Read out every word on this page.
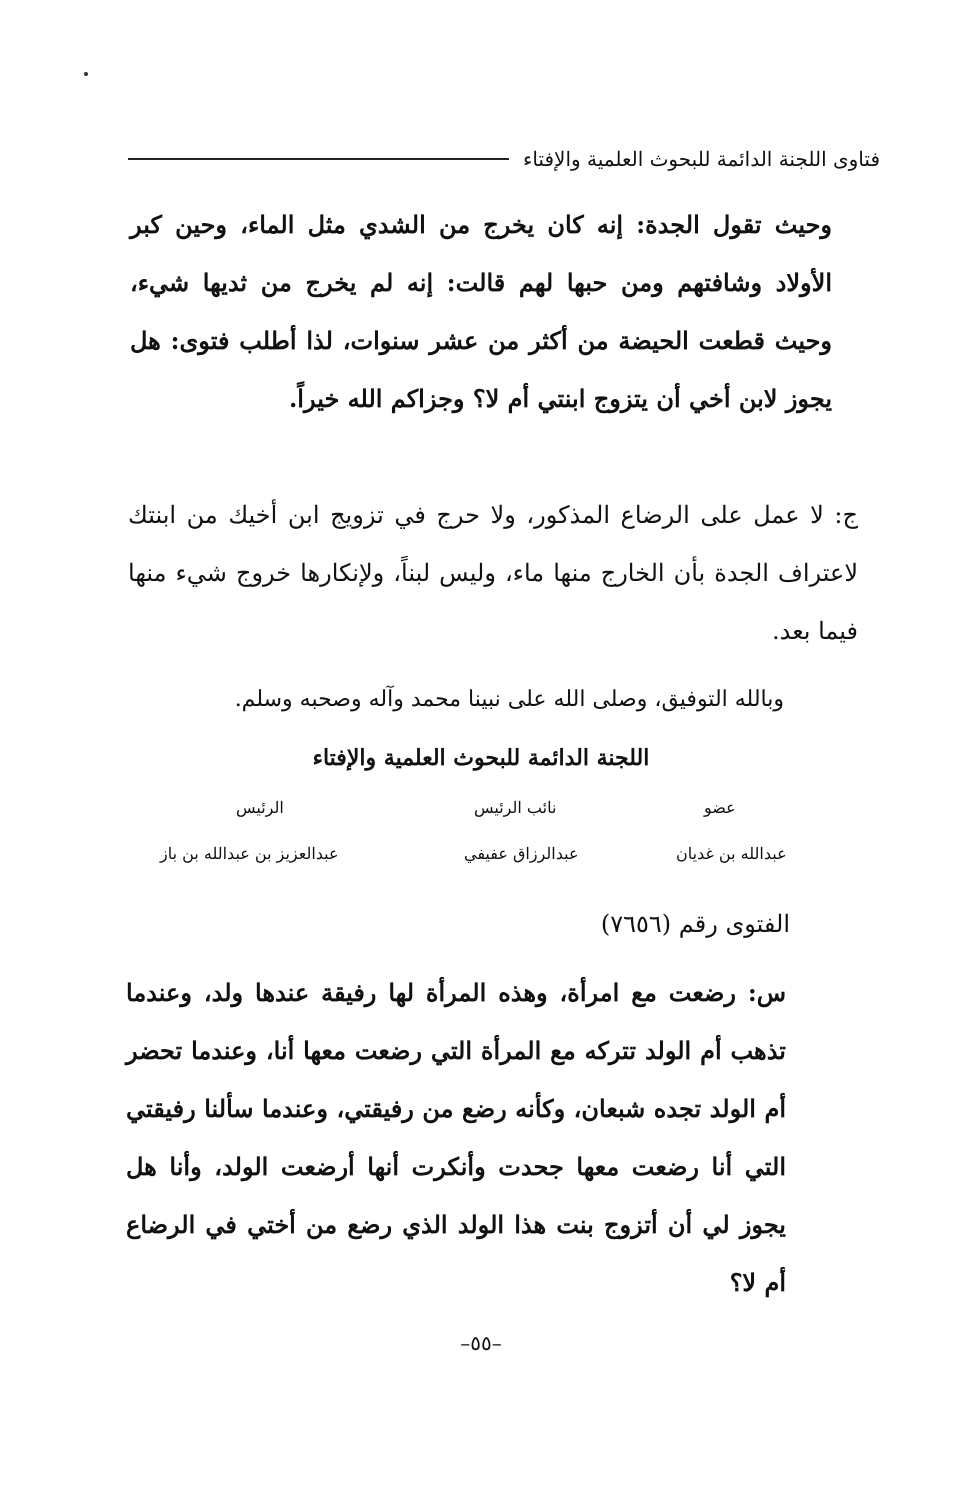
فتاوى اللجنة الدائمة للبحوث العلمية والإفتاء

وحيث تقول الجدة: إنه كان يخرج من الشدي مثل الماء، وحين كبر الأولاد وشافتهم ومن حبها لهم قالت: إنه لم يخرج من ثديها شيء، وحيث قطعت الحيضة من أكثر من عشر سنوات، لذا أطلب فتوى: هل يجوز لابن أخي أن يتزوج ابنتي أم لا؟ وجزاكم الله خيراً.

ج: لا عمل على الرضاع المذكور، ولا حرج في تزويج ابن أخيك من ابنتك لاعتراف الجدة بأن الخارج منها ماء، وليس لبناً، ولإنكارها خروج شيء منها فيما بعد.

وبالله التوفيق، وصلى الله على نبينا محمد وآله وصحبه وسلم.

اللجنة الدائمة للبحوث العلمية والإفتاء
الرئيس	نائب الرئيس	عضو
عبدالعزيز بن عبدالله بن باز	عبدالرزاق عفيفي	عبدالله بن غديان
الفتوى رقم (٧٦٥٦)

س: رضعت مع امرأة، وهذه المرأة لها رفيقة عندها ولد، وعندما تذهب أم الولد تتركه مع المرأة التي رضعت معها أنا، وعندما تحضر أم الولد تجده شبعان، وكأنه رضع من رفيقتي، وعندما سألنا رفيقتي التي أنا رضعت معها جحدت وأنكرت أنها أرضعت الولد، وأنا هل يجوز لي أن أتزوج بنت هذا الولد الذي رضع من أختي في الرضاع أم لا؟

–٥٥–
